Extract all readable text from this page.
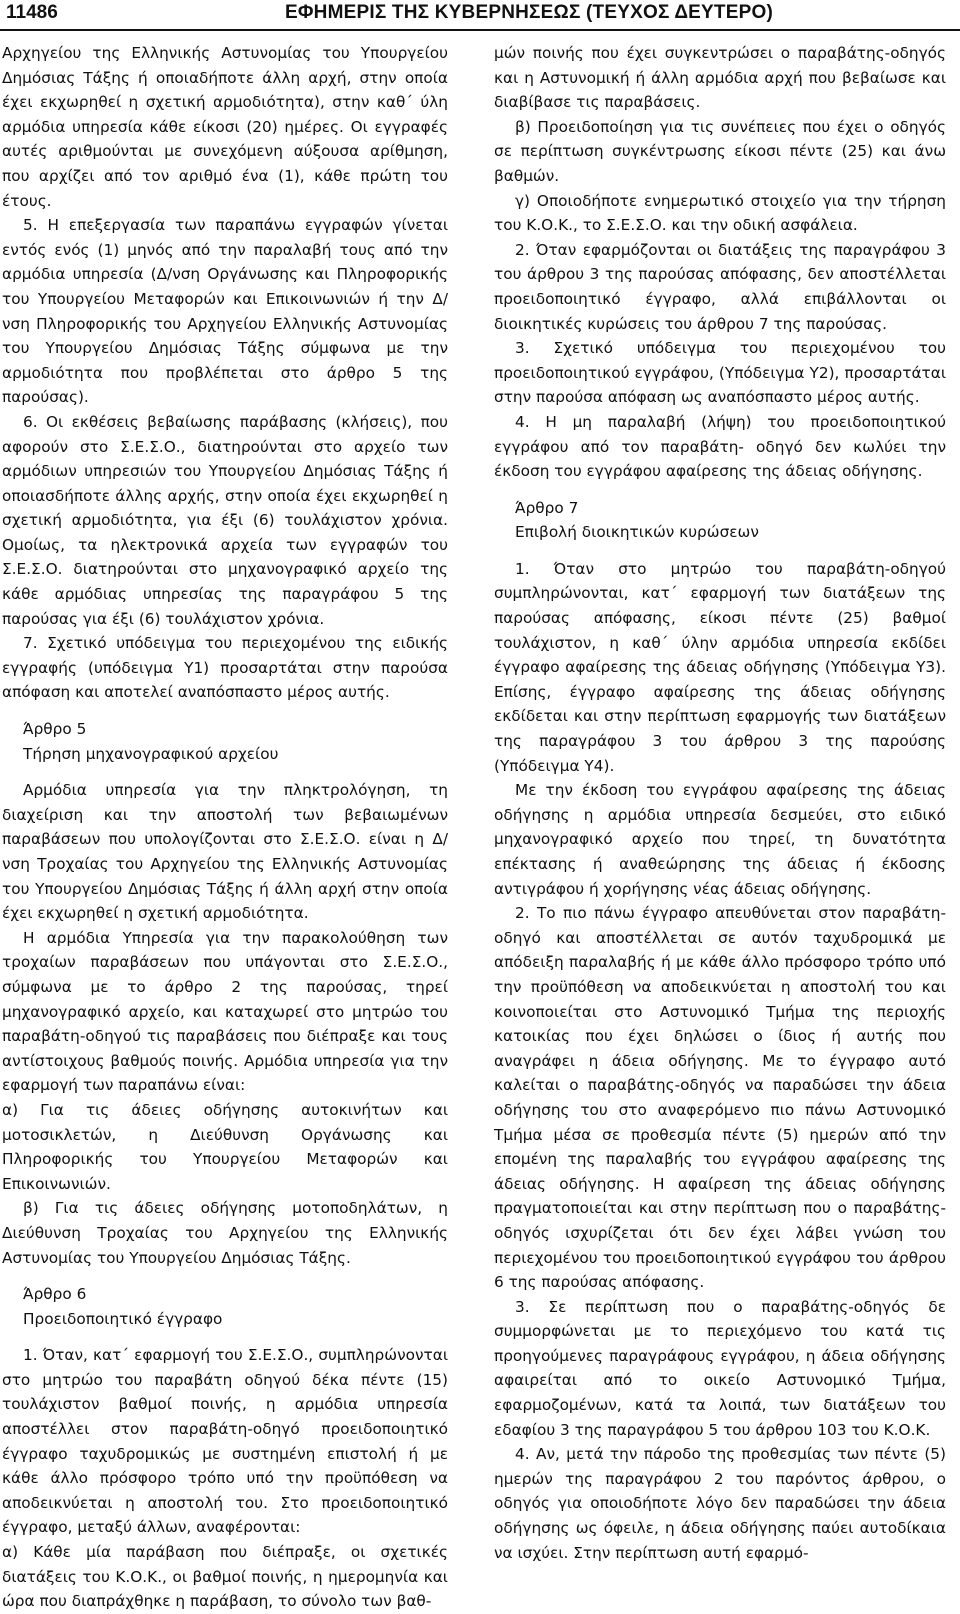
11486	ΕΦΗΜΕΡΙΣ ΤΗΣ ΚΥΒΕΡΝΗΣΕΩΣ (ΤΕΥΧΟΣ ΔΕΥΤΕΡΟ)

Αρχηγείου της Ελληνικής Αστυνομίας του Υπουργείου Δημόσιας Τάξης ή οποιαδήποτε άλλη αρχή, στην οποία έχει εκχωρηθεί η σχετική αρμοδιότητα), στην καθ΄ ύλη αρμόδια υπηρεσία κάθε είκοσι (20) ημέρες. Οι εγγραφές αυτές αριθμούνται με συνεχόμενη αύξουσα αρίθμηση, που αρχίζει από τον αριθμό ένα (1), κάθε πρώτη του έτους.

5. Η επεξεργασία των παραπάνω εγγραφών γίνεται εντός ενός (1) μηνός από την παραλαβή τους από την αρμόδια υπηρεσία (Δ/νση Οργάνωσης και Πληροφορικής του Υπουργείου Μεταφορών και Επικοινωνιών ή την Δ/νση Πληροφορικής του Αρχηγείου Ελληνικής Αστυνομίας του Υπουργείου Δημόσιας Τάξης σύμφωνα με την αρμοδιότητα που προβλέπεται στο άρθρο 5 της παρούσας).

6. Οι εκθέσεις βεβαίωσης παράβασης (κλήσεις), που αφορούν στο Σ.Ε.Σ.Ο., διατηρούνται στο αρχείο των αρμόδιων υπηρεσιών του Υπουργείου Δημόσιας Τάξης ή οποιασδήποτε άλλης αρχής, στην οποία έχει εκχωρηθεί η σχετική αρμοδιότητα, για έξι (6) τουλάχιστον χρόνια. Ομοίως, τα ηλεκτρονικά αρχεία των εγγραφών του Σ.Ε.Σ.Ο. διατηρούνται στο μηχανογραφικό αρχείο της κάθε αρμόδιας υπηρεσίας της παραγράφου 5 της παρούσας για έξι (6) τουλάχιστον χρόνια.

7. Σχετικό υπόδειγμα του περιεχομένου της ειδικής εγγραφής (υπόδειγμα Υ1) προσαρτάται στην παρούσα απόφαση και αποτελεί αναπόσπαστο μέρος αυτής.

Άρθρο 5

Τήρηση μηχανογραφικού αρχείου

Αρμόδια υπηρεσία για την πληκτρολόγηση, τη διαχείριση και την αποστολή των βεβαιωμένων παραβάσεων που υπολογίζονται στο Σ.Ε.Σ.Ο. είναι η Δ/νση Τροχαίας του Αρχηγείου της Ελληνικής Αστυνομίας του Υπουργείου Δημόσιας Τάξης ή άλλη αρχή στην οποία έχει εκχωρηθεί η σχετική αρμοδιότητα.

Η αρμόδια Υπηρεσία για την παρακολούθηση των τροχαίων παραβάσεων που υπάγονται στο Σ.Ε.Σ.Ο., σύμφωνα με το άρθρο 2 της παρούσας, τηρεί μηχανογραφικό αρχείο, και καταχωρεί στο μητρώο του παραβάτη-οδηγού τις παραβάσεις που διέπραξε και τους αντίστοιχους βαθμούς ποινής. Αρμόδια υπηρεσία για την εφαρμογή των παραπάνω είναι:

α) Για τις άδειες οδήγησης αυτοκινήτων και μοτοσικλετών, η Διεύθυνση Οργάνωσης και Πληροφορικής του Υπουργείου Μεταφορών και Επικοινωνιών.

β) Για τις άδειες οδήγησης μοτοποδηλάτων, η Διεύθυνση Τροχαίας του Αρχηγείου της Ελληνικής Αστυνομίας του Υπουργείου Δημόσιας Τάξης.

Άρθρο 6

Προειδοποιητικό έγγραφο

1. Όταν, κατ΄ εφαρμογή του Σ.Ε.Σ.Ο., συμπληρώνονται στο μητρώο του παραβάτη οδηγού δέκα πέντε (15) τουλάχιστον βαθμοί ποινής, η αρμόδια υπηρεσία αποστέλλει στον παραβάτη-οδηγό προειδοποιητικό έγγραφο ταχυδρομικώς με συστημένη επιστολή ή με κάθε άλλο πρόσφορο τρόπο υπό την προϋπόθεση να αποδεικνύεται η αποστολή του. Στο προειδοποιητικό έγγραφο, μεταξύ άλλων, αναφέρονται:

α) Κάθε μία παράβαση που διέπραξε, οι σχετικές διατάξεις του Κ.Ο.Κ., οι βαθμοί ποινής, η ημερομηνία και ώρα που διαπράχθηκε η παράβαση, το σύνολο των βαθ-

μών ποινής που έχει συγκεντρώσει ο παραβάτης-οδηγός και η Αστυνομική ή άλλη αρμόδια αρχή που βεβαίωσε και διαβίβασε τις παραβάσεις.

β) Προειδοποίηση για τις συνέπειες που έχει ο οδηγός σε περίπτωση συγκέντρωσης είκοσι πέντε (25) και άνω βαθμών.

γ) Οποιοδήποτε ενημερωτικό στοιχείο για την τήρηση του Κ.Ο.Κ., το Σ.Ε.Σ.Ο. και την οδική ασφάλεια.

2. Όταν εφαρμόζονται οι διατάξεις της παραγράφου 3 του άρθρου 3 της παρούσας απόφασης, δεν αποστέλλεται προειδοποιητικό έγγραφο, αλλά επιβάλλονται οι διοικητικές κυρώσεις του άρθρου 7 της παρούσας.

3. Σχετικό υπόδειγμα του περιεχομένου του προειδοποιητικού εγγράφου, (Υπόδειγμα Υ2), προσαρτάται στην παρούσα απόφαση ως αναπόσπαστο μέρος αυτής.

4. Η μη παραλαβή (λήψη) του προειδοποιητικού εγγράφου από τον παραβάτη- οδηγό δεν κωλύει την έκδοση του εγγράφου αφαίρεσης της άδειας οδήγησης.

Άρθρο 7

Επιβολή διοικητικών κυρώσεων

1. Όταν στο μητρώο του παραβάτη-οδηγού συμπληρώνονται, κατ΄ εφαρμογή των διατάξεων της παρούσας απόφασης, είκοσι πέντε (25) βαθμοί τουλάχιστον, η καθ΄ ύλην αρμόδια υπηρεσία εκδίδει έγγραφο αφαίρεσης της άδειας οδήγησης (Υπόδειγμα Υ3). Επίσης, έγγραφο αφαίρεσης της άδειας οδήγησης εκδίδεται και στην περίπτωση εφαρμογής των διατάξεων της παραγράφου 3 του άρθρου 3 της παρούσης (Υπόδειγμα Υ4).

Με την έκδοση του εγγράφου αφαίρεσης της άδειας οδήγησης η αρμόδια υπηρεσία δεσμεύει, στο ειδικό μηχανογραφικό αρχείο που τηρεί, τη δυνατότητα επέκτασης ή αναθεώρησης της άδειας ή έκδοσης αντιγράφου ή χορήγησης νέας άδειας οδήγησης.

2. Το πιο πάνω έγγραφο απευθύνεται στον παραβάτη-οδηγό και αποστέλλεται σε αυτόν ταχυδρομικά με απόδειξη παραλαβής ή με κάθε άλλο πρόσφορο τρόπο υπό την προϋπόθεση να αποδεικνύεται η αποστολή του και κοινοποιείται στο Αστυνομικό Τμήμα της περιοχής κατοικίας που έχει δηλώσει ο ίδιος ή αυτής που αναγράφει η άδεια οδήγησης. Με το έγγραφο αυτό καλείται ο παραβάτης-οδηγός να παραδώσει την άδεια οδήγησης του στο αναφερόμενο πιο πάνω Αστυνομικό Τμήμα μέσα σε προθεσμία πέντε (5) ημερών από την επομένη της παραλαβής του εγγράφου αφαίρεσης της άδειας οδήγησης. Η αφαίρεση της άδειας οδήγησης πραγματοποιείται και στην περίπτωση που ο παραβάτης-οδηγός ισχυρίζεται ότι δεν έχει λάβει γνώση του περιεχομένου του προειδοποιητικού εγγράφου του άρθρου 6 της παρούσας απόφασης.

3. Σε περίπτωση που ο παραβάτης-οδηγός δε συμμορφώνεται με το περιεχόμενο του κατά τις προηγούμενες παραγράφους εγγράφου, η άδεια οδήγησης αφαιρείται από το οικείο Αστυνομικό Τμήμα, εφαρμοζομένων, κατά τα λοιπά, των διατάξεων του εδαφίου 3 της παραγράφου 5 του άρθρου 103 του Κ.Ο.Κ.

4. Αν, μετά την πάροδο της προθεσμίας των πέντε (5) ημερών της παραγράφου 2 του παρόντος άρθρου, ο οδηγός για οποιοδήποτε λόγο δεν παραδώσει την άδεια οδήγησης ως όφειλε, η άδεια οδήγησης παύει αυτοδίκαια να ισχύει. Στην περίπτωση αυτή εφαρμό-
